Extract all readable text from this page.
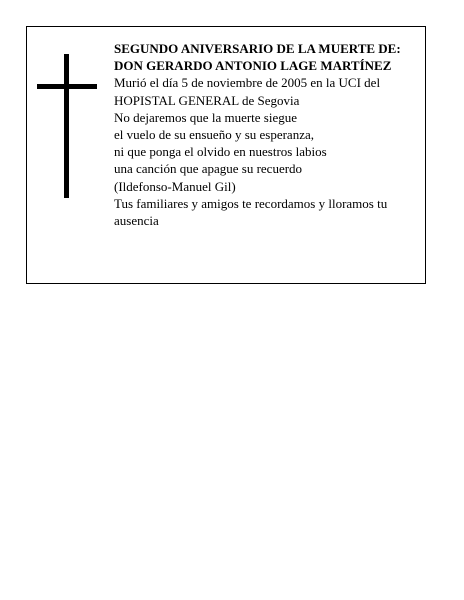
SEGUNDO ANIVERSARIO DE LA MUERTE DE:
DON GERARDO ANTONIO LAGE MARTÍNEZ
Murió el día 5 de noviembre de 2005 en la UCI del
HOPISTAL GENERAL de Segovia
No dejaremos que la muerte siegue
el vuelo de su ensueño y su esperanza,
ni que ponga el olvido en nuestros labios
una canción que apague su recuerdo
(Ildefonso-Manuel Gil)
Tus familiares y amigos te recordamos y lloramos tu
ausencia
